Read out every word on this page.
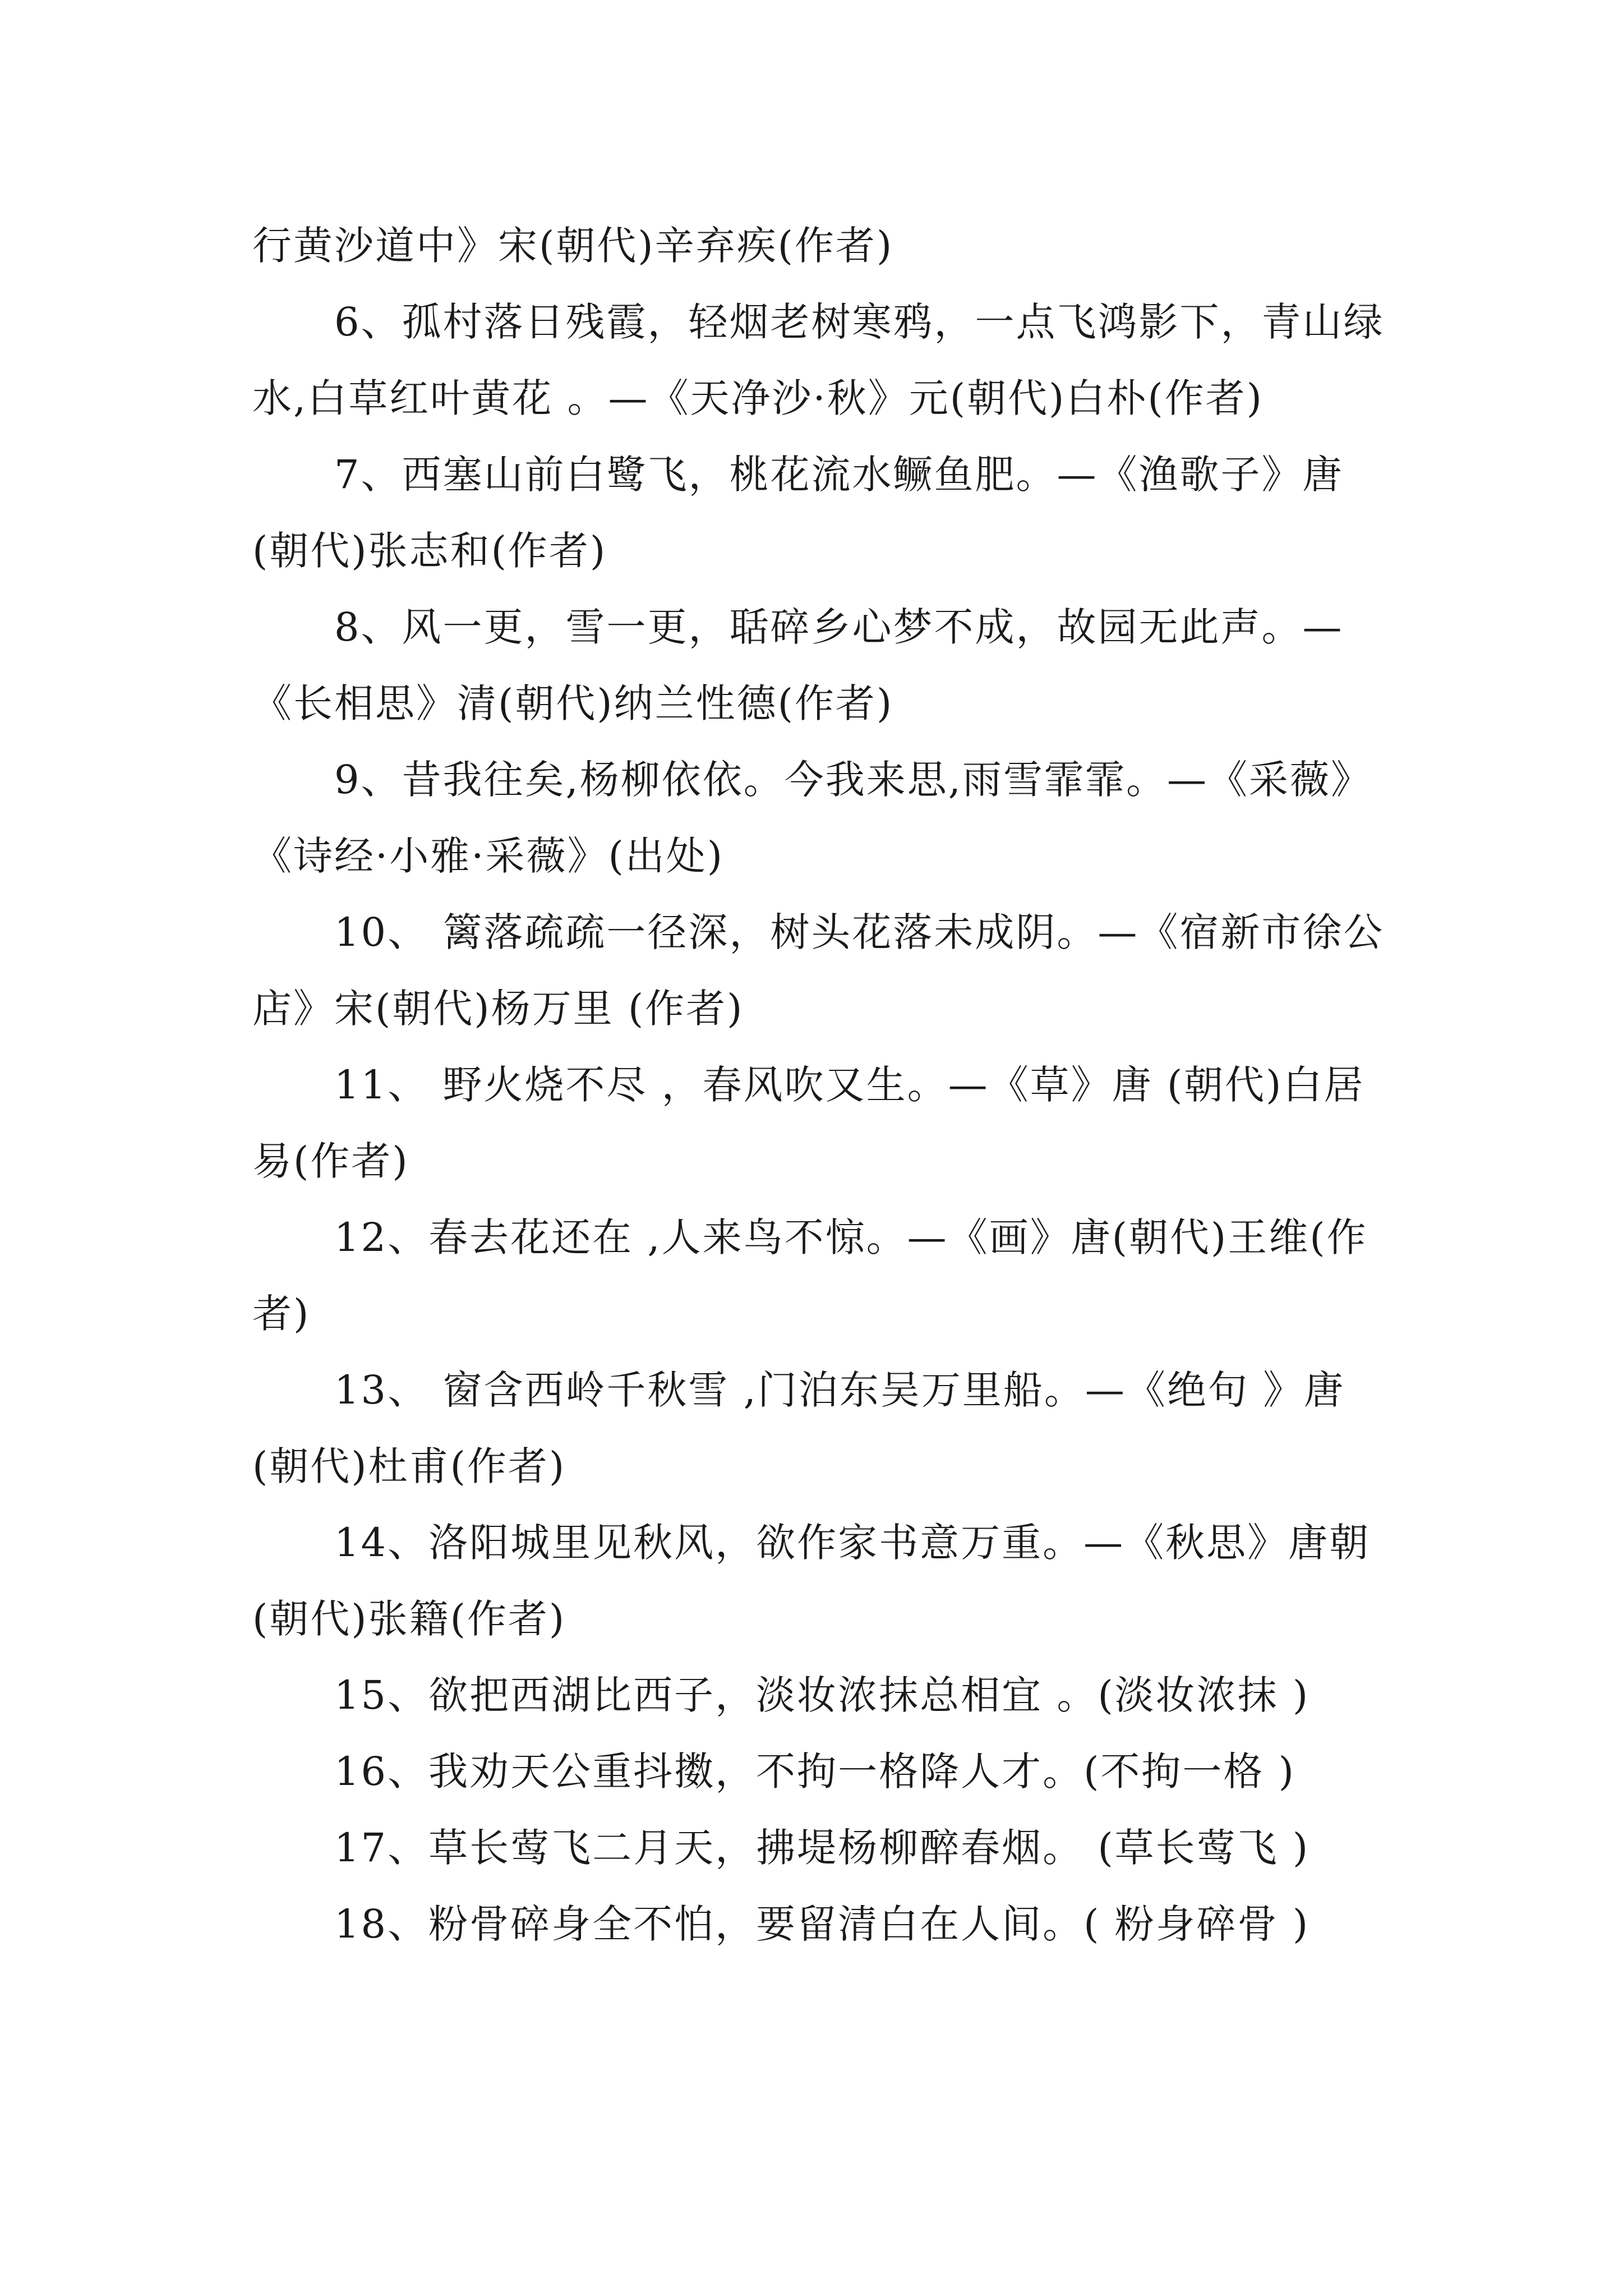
行黄沙道中》宋(朝代)辛弃疾(作者)

6、孤村落日残霞，轻烟老树寒鸦，一点飞鸿影下，青山绿水,白草红叶黄花 。—《天净沙·秋》元(朝代)白朴(作者)

7、西塞山前白鹭飞，桃花流水鳜鱼肥。—《渔歌子》唐(朝代)张志和(作者)

8、风一更，雪一更，聒碎乡心梦不成，故园无此声。—《长相思》清(朝代)纳兰性德(作者)

9、昔我往矣,杨柳依依。今我来思,雨雪霏霏。—《采薇》《诗经·小雅·采薇》(出处)

10、 篱落疏疏一径深，树头花落未成阴。—《宿新市徐公店》宋(朝代)杨万里 (作者)

11、 野火烧不尽 ，春风吹又生。—《草》唐 (朝代)白居易(作者)

12、春去花还在 ,人来鸟不惊。—《画》唐(朝代)王维(作者)

13、 窗含西岭千秋雪 ,门泊东吴万里船。—《绝句 》唐(朝代)杜甫(作者)

14、洛阳城里见秋风，欲作家书意万重。—《秋思》唐朝(朝代)张籍(作者)

15、欲把西湖比西子，淡妆浓抹总相宜 。(淡妆浓抹 )

16、我劝天公重抖擞，不拘一格降人才。(不拘一格 )

17、草长莺飞二月天，拂堤杨柳醉春烟。 (草长莺飞 )

18、粉骨碎身全不怕，要留清白在人间。( 粉身碎骨 )
